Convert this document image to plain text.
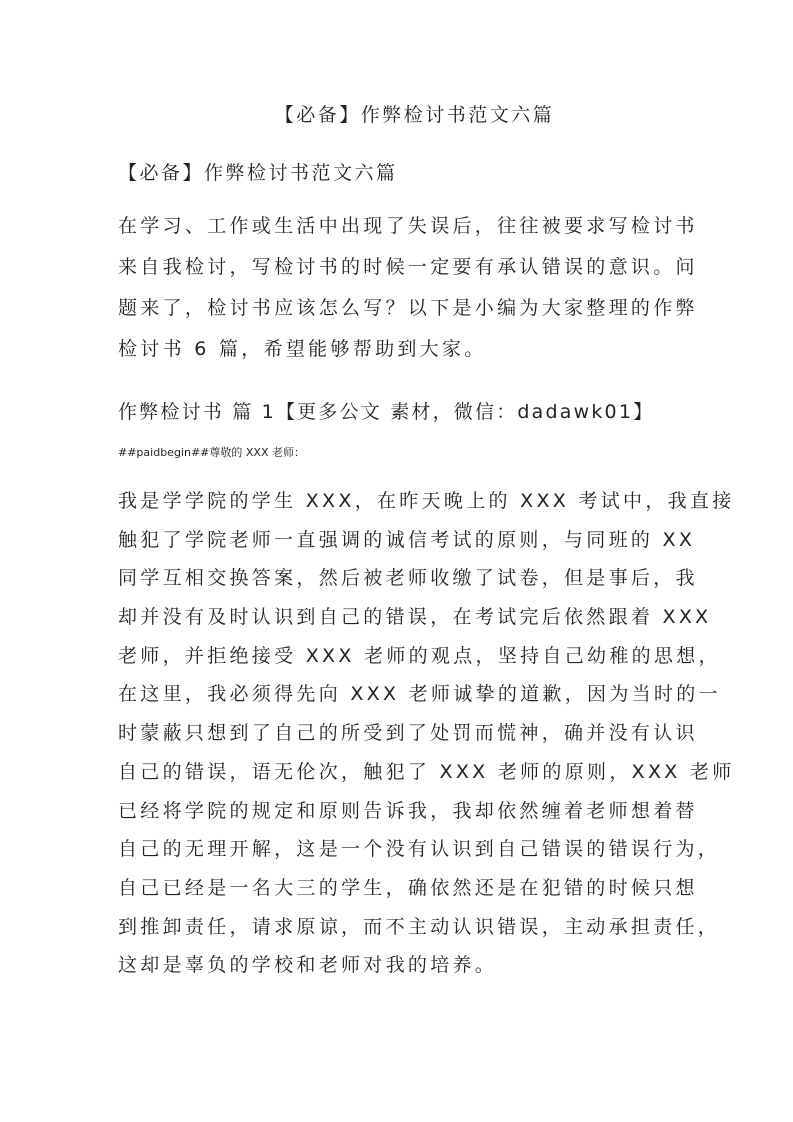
【必备】作弊检讨书范文六篇
【必备】作弊检讨书范文六篇
在学习、工作或生活中出现了失误后，往往被要求写检讨书
来自我检讨，写检讨书的时候一定要有承认错误的意识。问
题来了，检讨书应该怎么写？以下是小编为大家整理的作弊
检讨书 6 篇，希望能够帮助到大家。
作弊检讨书 篇 1【更多公文 素材，微信：dadawk01】
##paidbegin##尊敬的 XXX 老师：
我是学学院的学生 XXX，在昨天晚上的 XXX 考试中，我直接
触犯了学院老师一直强调的诚信考试的原则，与同班的 XX
同学互相交换答案，然后被老师收缴了试卷，但是事后，我
却并没有及时认识到自己的错误，在考试完后依然跟着 XXX
老师，并拒绝接受 XXX 老师的观点，坚持自己幼稚的思想，
在这里，我必须得先向 XXX 老师诚挚的道歉，因为当时的一
时蒙蔽只想到了自己的所受到了处罚而慌神，确并没有认识
自己的错误，语无伦次，触犯了 XXX 老师的原则，XXX 老师
已经将学院的规定和原则告诉我，我却依然缠着老师想着替
自己的无理开解，这是一个没有认识到自己错误的错误行为，
自己已经是一名大三的学生，确依然还是在犯错的时候只想
到推卸责任，请求原谅，而不主动认识错误，主动承担责任，
这却是辜负的学校和老师对我的培养。
